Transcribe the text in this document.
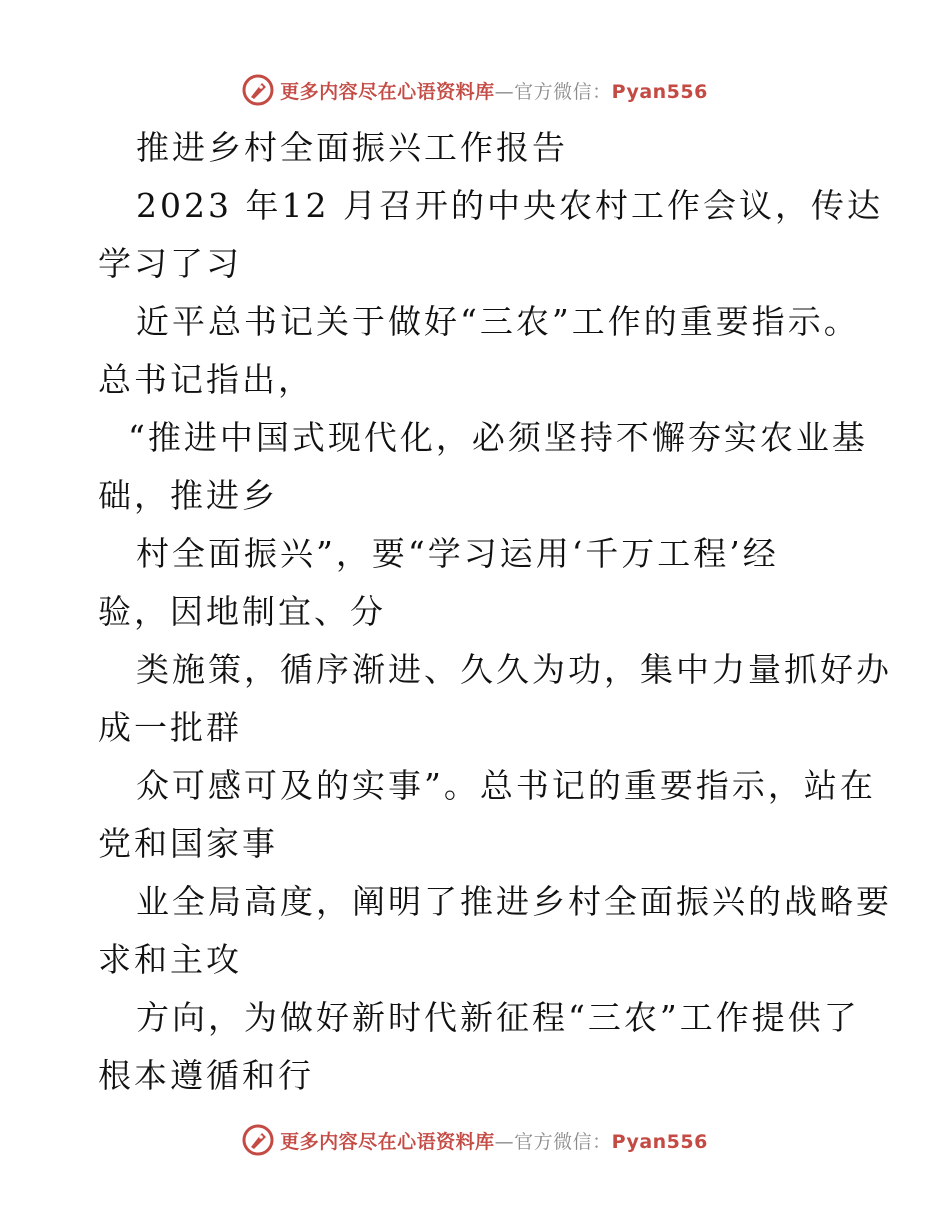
更多内容尽在心语资料库—官方微信：Pyan556
推进乡村全面振兴工作报告
2023 年12 月召开的中央农村工作会议，传达
学习了习
近平总书记关于做好“三农”工作的重要指示。
总书记指出，
“推进中国式现代化，必须坚持不懈夯实农业基
础，推进乡
村全面振兴”，要“学习运用‘千万工程’经
验，因地制宜、分
类施策，循序渐进、久久为功，集中力量抓好办
成一批群
众可感可及的实事”。总书记的重要指示，站在
党和国家事
业全局高度，阐明了推进乡村全面振兴的战略要
求和主攻
方向，为做好新时代新征程“三农”工作提供了
根本遵循和行
更多内容尽在心语资料库—官方微信：Pyan556
